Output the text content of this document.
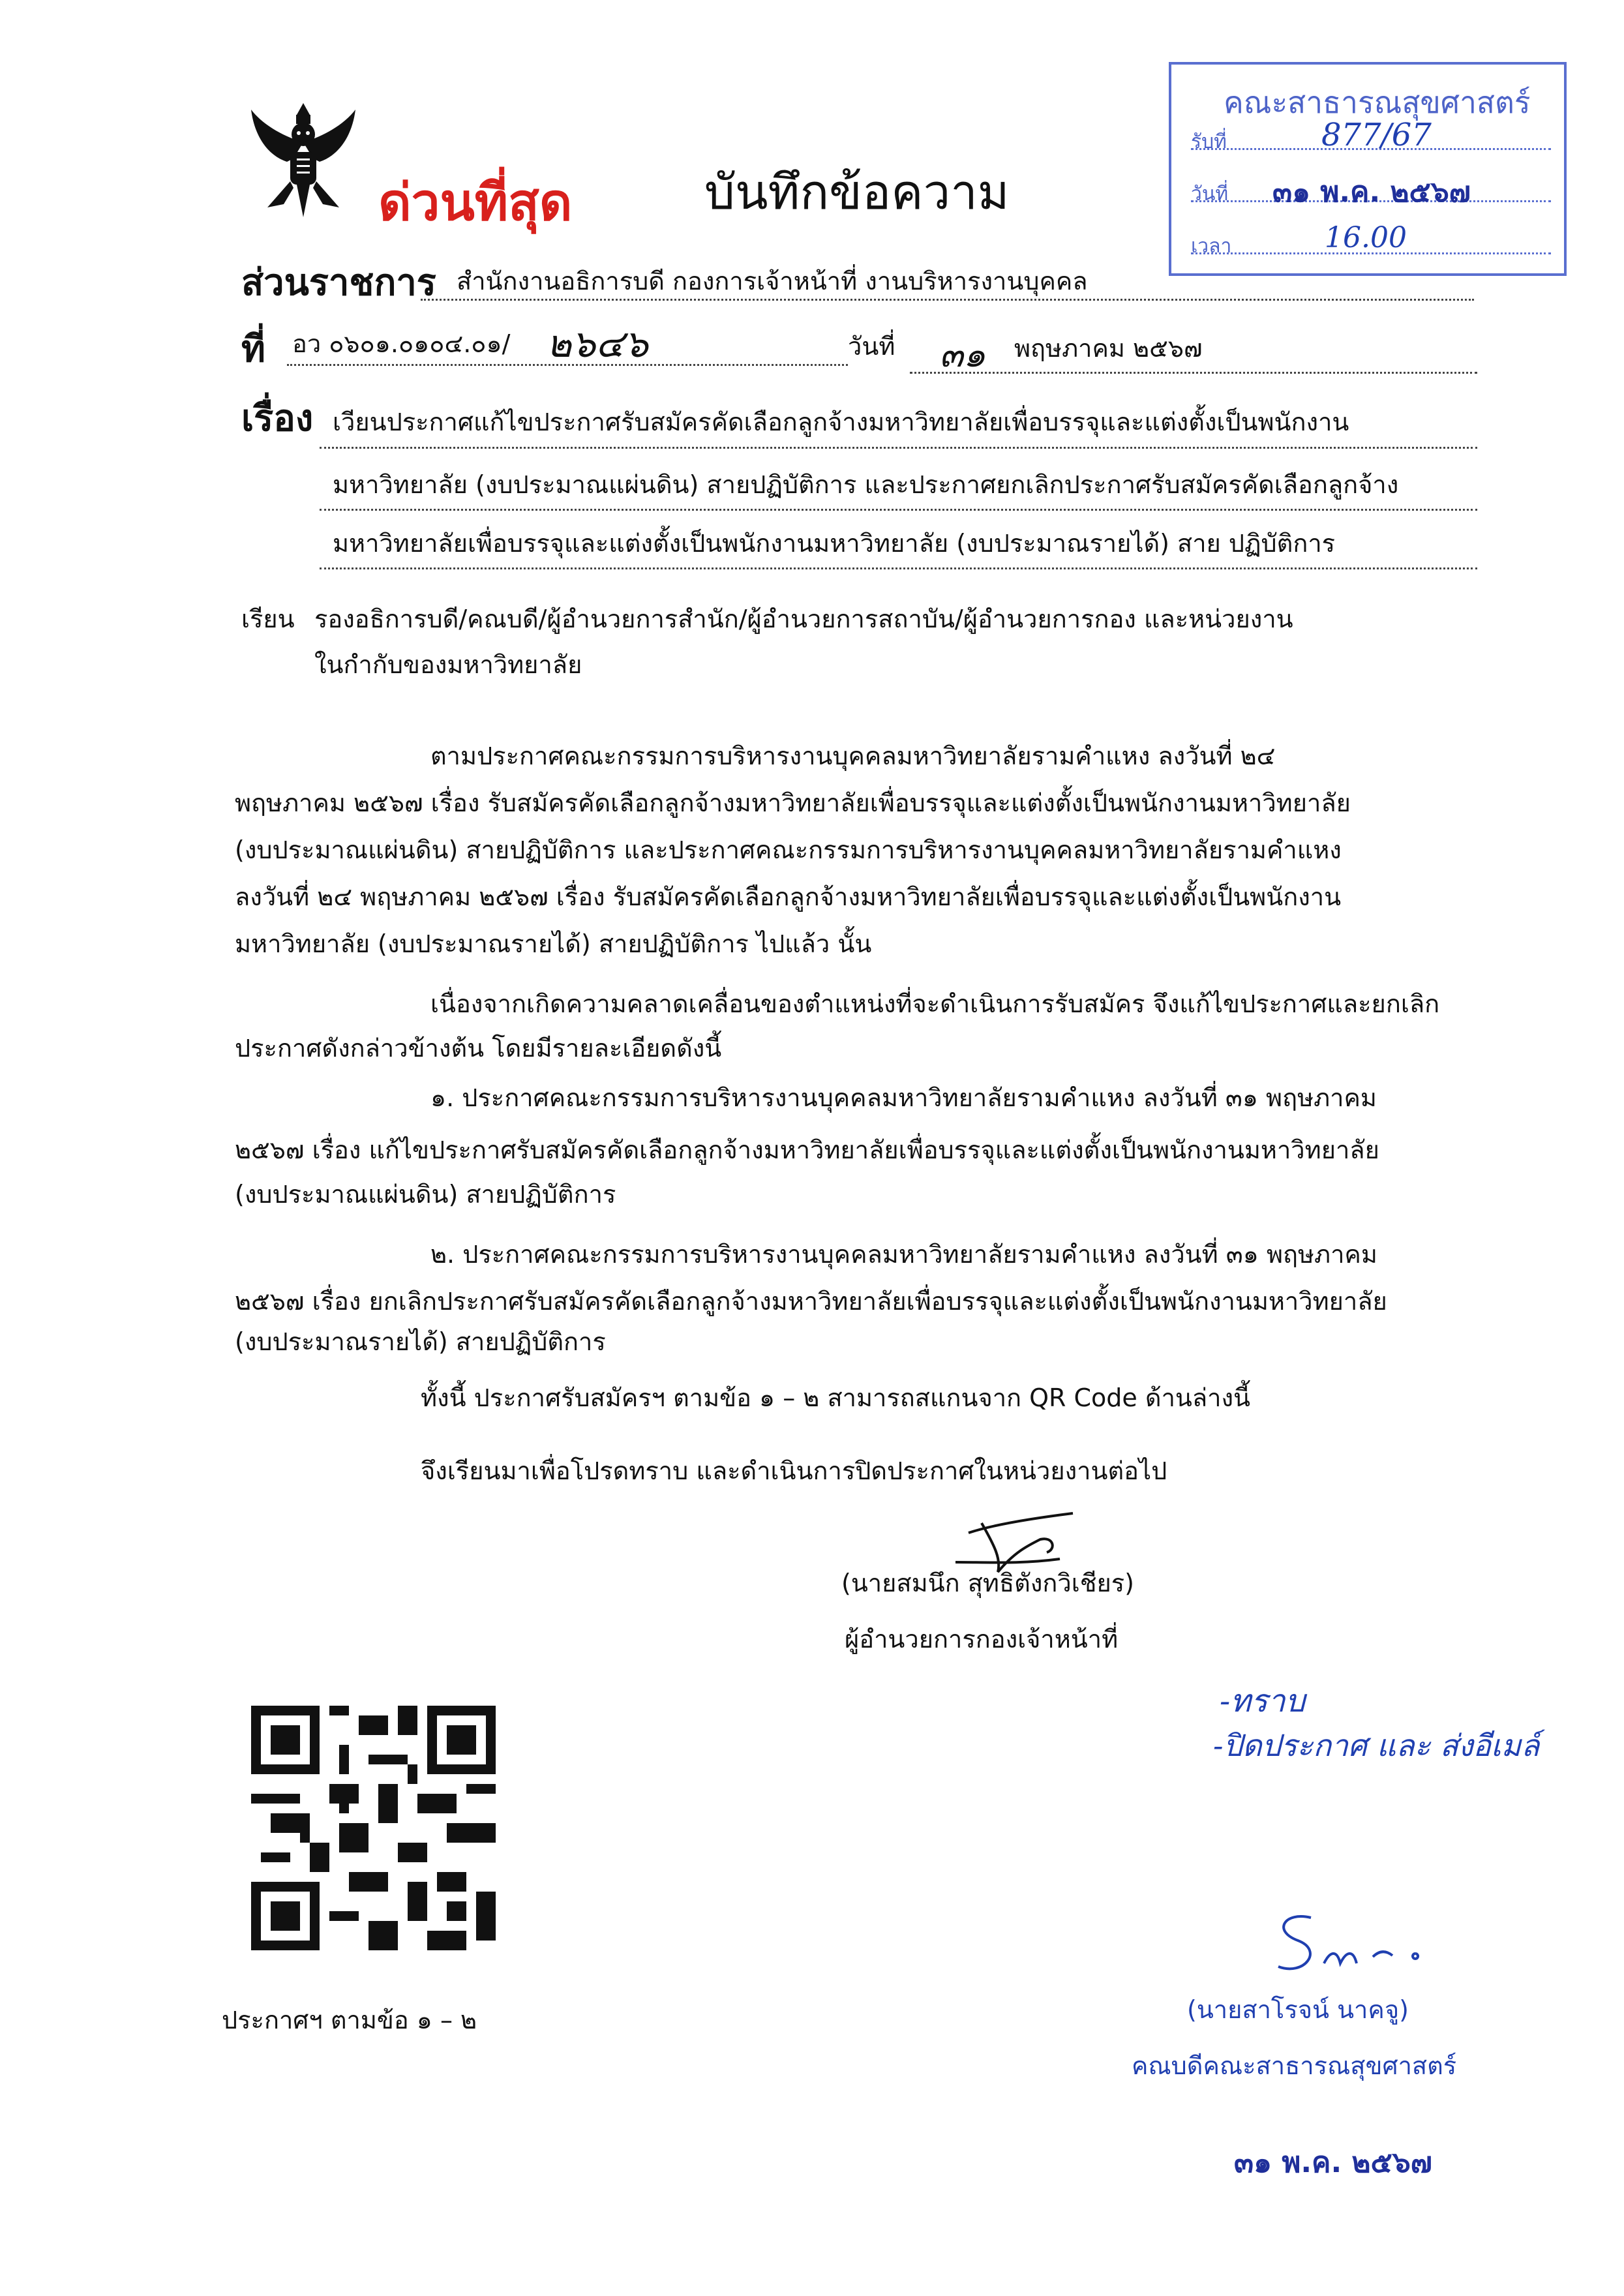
ด่วนที่สุด	บันทึกข้อความ
คณะสาธารณสุขศาสตร์
รับที่	877/67
วันที่ ๓๑ พ.ค. ๒๕๖๗
เวลา	16.00
ส่วนราชการ สำนักงานอธิการบดี กองการเจ้าหน้าที่ งานบริหารงานบุคคล
ที่ อว ๐๖๐๑.๐๑๐๔.๐๑/ ๒๖๔๖	วันที่ ๓๑ พฤษภาคม ๒๕๖๗
เรื่อง เวียนประกาศแก้ไขประกาศรับสมัครคัดเลือกลูกจ้างมหาวิทยาลัยเพื่อบรรจุและแต่งตั้งเป็นพนักงาน
มหาวิทยาลัย (งบประมาณแผ่นดิน) สายปฏิบัติการ และประกาศยกเลิกประกาศรับสมัครคัดเลือกลูกจ้าง
มหาวิทยาลัยเพื่อบรรจุและแต่งตั้งเป็นพนักงานมหาวิทยาลัย (งบประมาณรายได้) สาย ปฏิบัติการ
เรียน รองอธิการบดี/คณบดี/ผู้อำนวยการสำนัก/ผู้อำนวยการสถาบัน/ผู้อำนวยการกอง และหน่วยงาน
ในกำกับของมหาวิทยาลัย
ตามประกาศคณะกรรมการบริหารงานบุคคลมหาวิทยาลัยรามคำแหง ลงวันที่ ๒๔
พฤษภาคม ๒๕๖๗ เรื่อง รับสมัครคัดเลือกลูกจ้างมหาวิทยาลัยเพื่อบรรจุและแต่งตั้งเป็นพนักงานมหาวิทยาลัย
(งบประมาณแผ่นดิน) สายปฏิบัติการ และประกาศคณะกรรมการบริหารงานบุคคลมหาวิทยาลัยรามคำแหง
ลงวันที่ ๒๔ พฤษภาคม ๒๕๖๗ เรื่อง รับสมัครคัดเลือกลูกจ้างมหาวิทยาลัยเพื่อบรรจุและแต่งตั้งเป็นพนักงาน
มหาวิทยาลัย (งบประมาณรายได้) สายปฏิบัติการ ไปแล้ว นั้น
เนื่องจากเกิดความคลาดเคลื่อนของตำแหน่งที่จะดำเนินการรับสมัคร จึงแก้ไขประกาศและยกเลิก
ประกาศดังกล่าวข้างต้น โดยมีรายละเอียดดังนี้
๑. ประกาศคณะกรรมการบริหารงานบุคคลมหาวิทยาลัยรามคำแหง ลงวันที่ ๓๑ พฤษภาคม
๒๕๖๗ เรื่อง แก้ไขประกาศรับสมัครคัดเลือกลูกจ้างมหาวิทยาลัยเพื่อบรรจุและแต่งตั้งเป็นพนักงานมหาวิทยาลัย
(งบประมาณแผ่นดิน) สายปฏิบัติการ
๒. ประกาศคณะกรรมการบริหารงานบุคคลมหาวิทยาลัยรามคำแหง ลงวันที่ ๓๑ พฤษภาคม
๒๕๖๗ เรื่อง ยกเลิกประกาศรับสมัครคัดเลือกลูกจ้างมหาวิทยาลัยเพื่อบรรจุและแต่งตั้งเป็นพนักงานมหาวิทยาลัย
(งบประมาณรายได้) สายปฏิบัติการ
ทั้งนี้ ประกาศรับสมัครฯ ตามข้อ ๑ – ๒ สามารถสแกนจาก QR Code ด้านล่างนี้
จึงเรียนมาเพื่อโปรดทราบ และดำเนินการปิดประกาศในหน่วยงานต่อไป
(นายสมนึก สุทธิตังกวิเชียร)
ผู้อำนวยการกองเจ้าหน้าที่
ประกาศฯ ตามข้อ ๑ – ๒
-ทราบ
-ปิดประกาศ และ ส่งอีเมล์
(นายสาโรจน์ นาคจู)
คณบดีคณะสาธารณสุขศาสตร์
๓๑ พ.ค. ๒๕๖๗
